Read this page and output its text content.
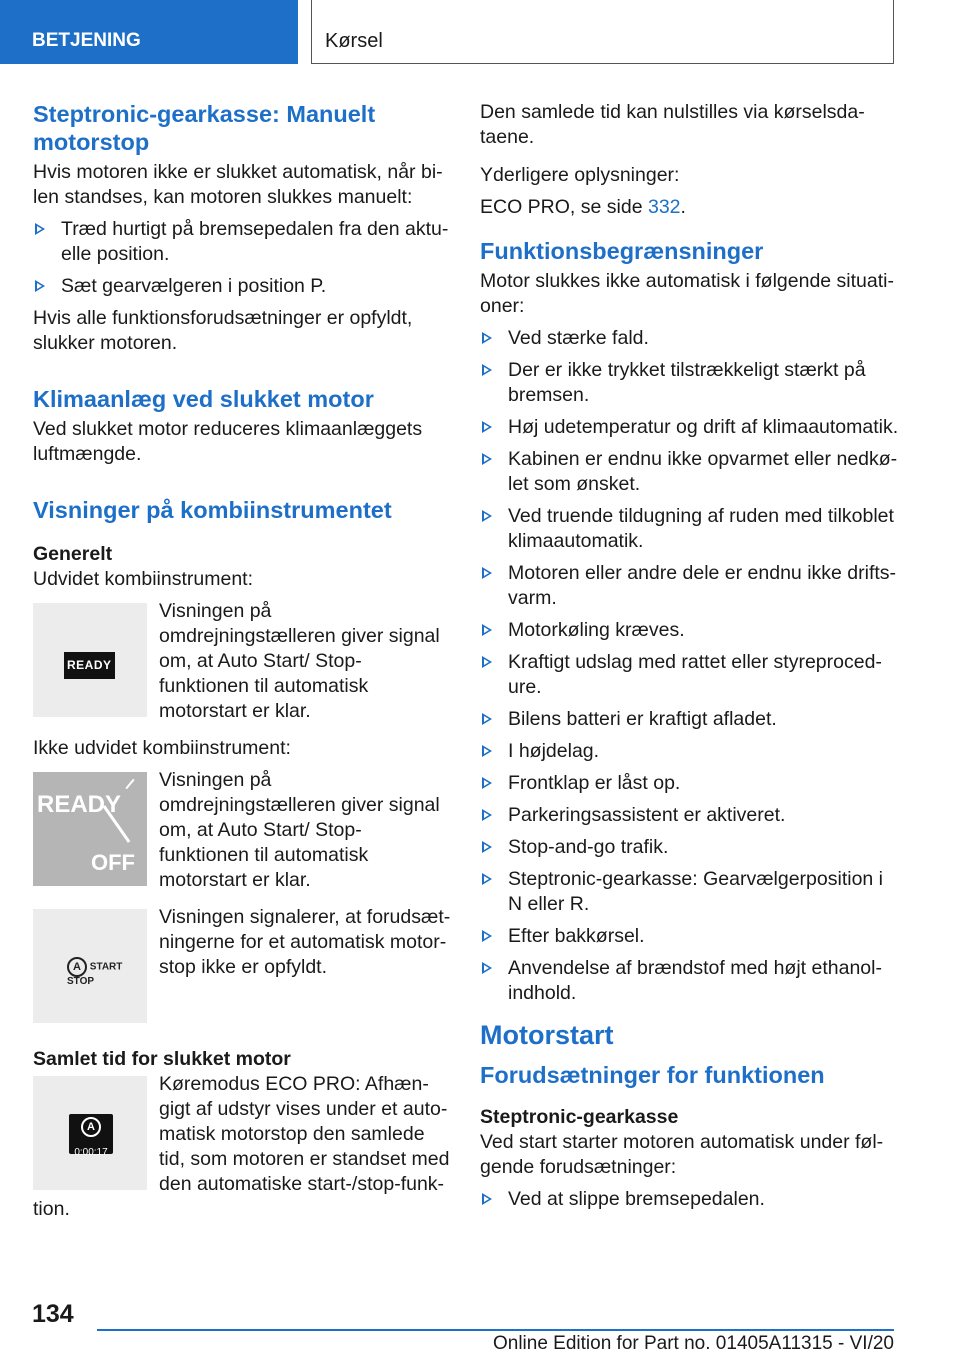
BETJENING	Kørsel
Steptronic-gearkasse: Manuelt motorstop

Hvis motoren ikke er slukket automatisk, når bi-len standses, kan motoren slukkes manuelt:

Træd hurtigt på bremsepedalen fra den aktu-elle position.
Sæt gearvælgeren i position P.

Hvis alle funktionsforudsætninger er opfyldt, slukker motoren.

Klimaanlæg ved slukket motor

Ved slukket motor reduceres klimaanlæggets luftmængde.

Visninger på kombiinstrumentet
Generelt

Udvidet kombiinstrument:

READY
Visningen på omdrejningstælleren giver signal om, at Auto Start/ Stop-funktionen til automatisk motorstart er klar.

Ikke udvidet kombiinstrument:

READY
OFF
Visningen på omdrejningstælleren giver signal om, at Auto Start/ Stop-funktionen til automatisk motorstart er klar.
A START STOP
Visningen signalerer, at forudsæt-ningerne for et automatisk motor-stop ikke er opfyldt.
Samlet tid for slukket motor
A
0:00:17
Køremodus ECO PRO: Afhæn-gigt af udstyr vises under et auto-matisk motorstop den samlede tid, som motoren er standset med den automatiske start-/stop-funk-

tion.

Den samlede tid kan nulstilles via kørselsda-taene.

Yderligere oplysninger:

ECO PRO, se side 332.

Funktionsbegrænsninger

Motor slukkes ikke automatisk i følgende situati-oner:

Ved stærke fald.
Der er ikke trykket tilstrækkeligt stærkt på bremsen.
Høj udetemperatur og drift af klimaautomatik.
Kabinen er endnu ikke opvarmet eller nedkø-let som ønsket.
Ved truende tildugning af ruden med tilkoblet klimaautomatik.
Motoren eller andre dele er endnu ikke drifts-varm.
Motorkøling kræves.
Kraftigt udslag med rattet eller styreproced-ure.
Bilens batteri er kraftigt afladet.
I højdelag.
Frontklap er låst op.
Parkeringsassistent er aktiveret.
Stop-and-go trafik.
Steptronic-gearkasse: Gearvælgerposition i N eller R.
Efter bakkørsel.
Anvendelse af brændstof med højt ethanol-indhold.
Motorstart
Forudsætninger for funktionen
Steptronic-gearkasse

Ved start starter motoren automatisk under føl-gende forudsætninger:

Ved at slippe bremsepedalen.
134
Online Edition for Part no. 01405A11315 - VI/20
